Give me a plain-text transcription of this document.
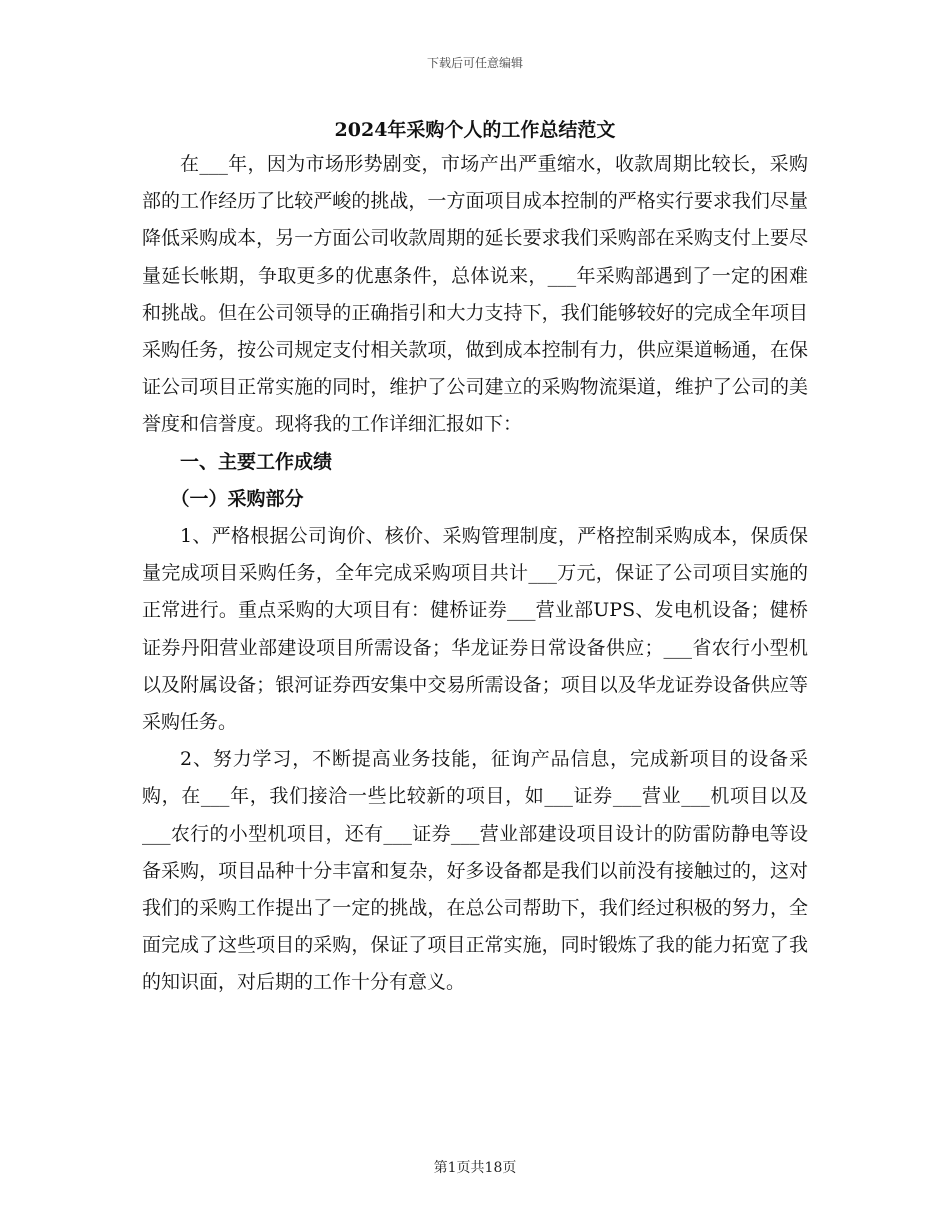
下载后可任意编辑
2024年采购个人的工作总结范文

在___年，因为市场形势剧变，市场产出严重缩水，收款周期比较长，采购部的工作经历了比较严峻的挑战，一方面项目成本控制的严格实行要求我们尽量降低采购成本，另一方面公司收款周期的延长要求我们采购部在采购支付上要尽量延长帐期，争取更多的优惠条件，总体说来，___年采购部遇到了一定的困难和挑战。但在公司领导的正确指引和大力支持下，我们能够较好的完成全年项目采购任务，按公司规定支付相关款项，做到成本控制有力，供应渠道畅通，在保证公司项目正常实施的同时，维护了公司建立的采购物流渠道，维护了公司的美誉度和信誉度。现将我的工作详细汇报如下：

一、主要工作成绩

（一）采购部分

1、严格根据公司询价、核价、采购管理制度，严格控制采购成本，保质保量完成项目采购任务，全年完成采购项目共计___万元，保证了公司项目实施的正常进行。重点采购的大项目有：健桥证券___营业部UPS、发电机设备；健桥证券丹阳营业部建设项目所需设备；华龙证券日常设备供应；___省农行小型机以及附属设备；银河证券西安集中交易所需设备；项目以及华龙证券设备供应等采购任务。

2、努力学习，不断提高业务技能，征询产品信息，完成新项目的设备采购，在___年，我们接洽一些比较新的项目，如___证券___营业___机项目以及___农行的小型机项目，还有___证券___营业部建设项目设计的防雷防静电等设备采购，项目品种十分丰富和复杂，好多设备都是我们以前没有接触过的，这对我们的采购工作提出了一定的挑战，在总公司帮助下，我们经过积极的努力，全面完成了这些项目的采购，保证了项目正常实施，同时锻炼了我的能力拓宽了我的知识面，对后期的工作十分有意义。

第1页共18页
